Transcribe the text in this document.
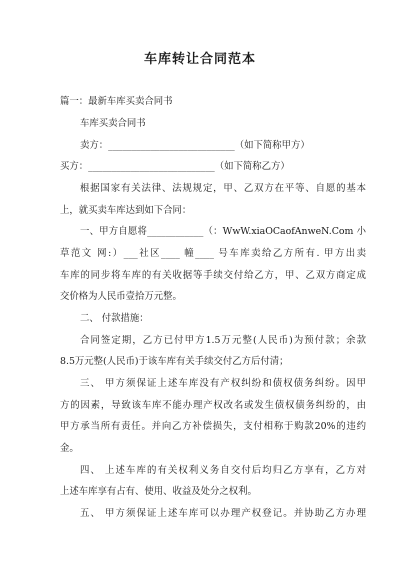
车库转让合同范本
篇一：最新车库买卖合同书
车库买卖合同书
卖方：___________________________（如下简称甲方）
买方：___________________________（如下简称乙方）
根据国家有关法律、法规规定，甲、乙双方在平等、自愿的基本
上，就买卖车库达到如下合同：
一、甲方自愿将____________（：WwW.xiaOCaofAnweN.Com 小
草范文 网:）___社区____ 幢____ 号车库卖给乙方所有. 甲方出卖
车库的同步将车库的有关收据等手续交付给乙方，甲、乙双方商定成
交价格为人民币壹拾万元整。
二、 付款措施：
合同签定期，乙方已付甲方1.5万元整(人民币)为预付款；余款
8.5万元整(人民币)于该车库有关手续交付乙方后付清；
三、 甲方须保证上述车库没有产权纠纷和债权债务纠纷。因甲
方的因素，导致该车库不能办理产权改名或发生债权债务纠纷的，由
甲方承当所有责任。并向乙方补偿损失，支付相称于购款20%的违约
金。
四、 上述车库的有关权利义务自交付后均归乙方享有，乙方对
上述车库享有占有、使用、收益及处分之权利。
五、 甲方须保证上述车库可以办理产权登记。并协助乙方办理
